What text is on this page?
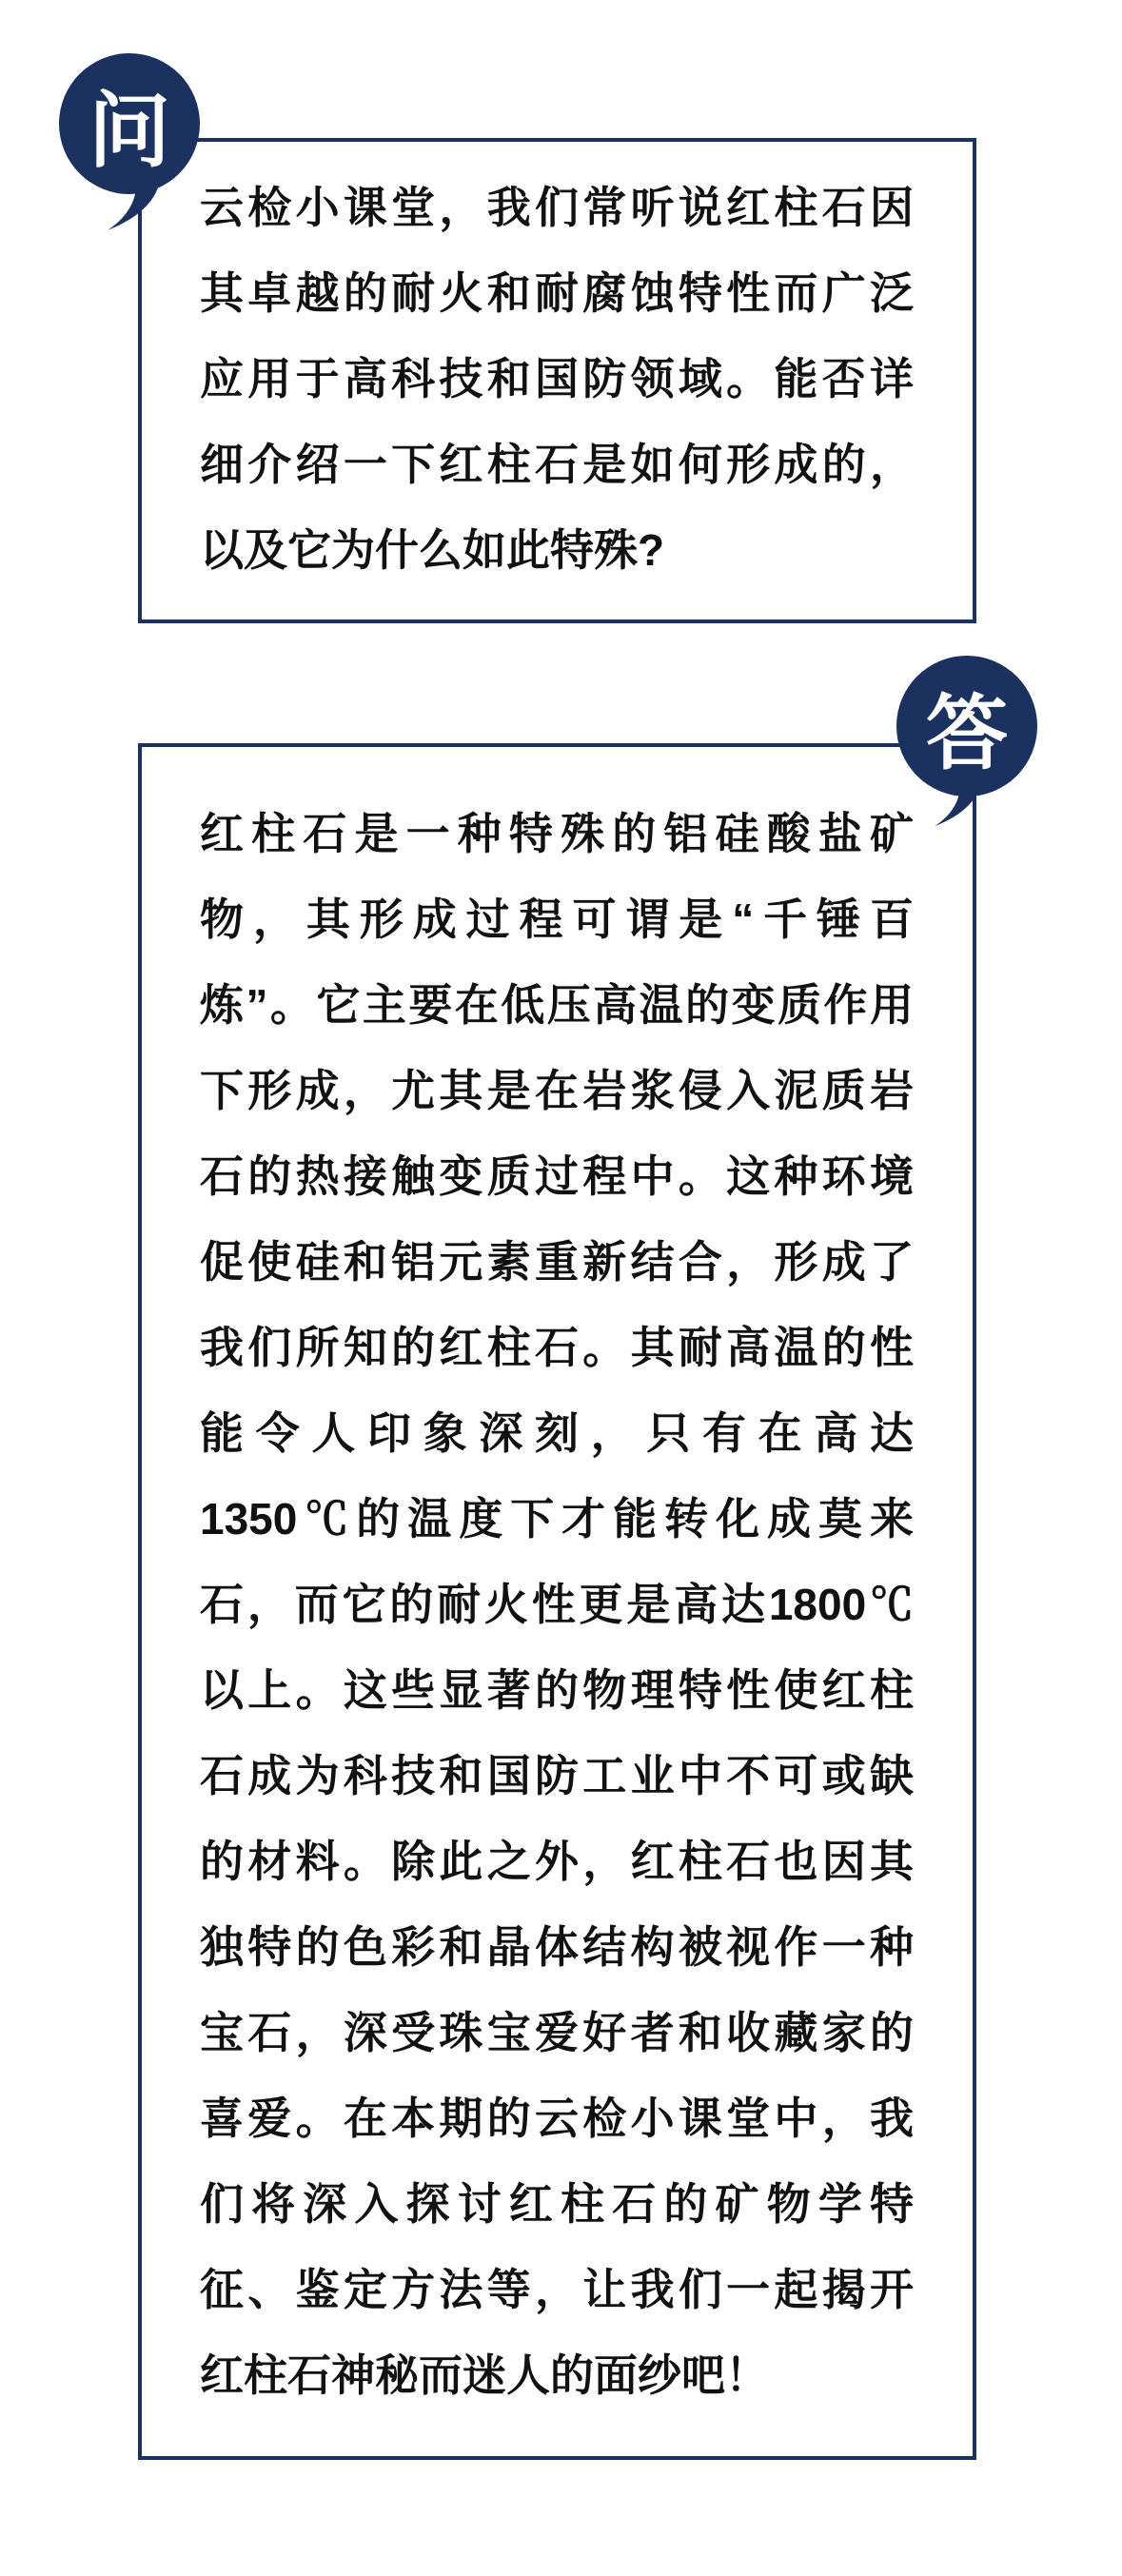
问
云检小课堂，我们常听说红柱石因
其卓越的耐火和耐腐蚀特性而广泛
应用于高科技和国防领域。能否详
细介绍一下红柱石是如何形成的，
以及它为什么如此特殊?
答
红柱石是一种特殊的铝硅酸盐矿
物，其形成过程可谓是“千锤百
炼”。它主要在低压高温的变质作用
下形成，尤其是在岩浆侵入泥质岩
石的热接触变质过程中。这种环境
促使硅和铝元素重新结合，形成了
我们所知的红柱石。其耐高温的性
能令人印象深刻，只有在高达
1350℃的温度下才能转化成莫来
石，而它的耐火性更是高达1800℃
以上。这些显著的物理特性使红柱
石成为科技和国防工业中不可或缺
的材料。除此之外，红柱石也因其
独特的色彩和晶体结构被视作一种
宝石，深受珠宝爱好者和收藏家的
喜爱。在本期的云检小课堂中，我
们将深入探讨红柱石的矿物学特
征、鉴定方法等，让我们一起揭开
红柱石神秘而迷人的面纱吧！
